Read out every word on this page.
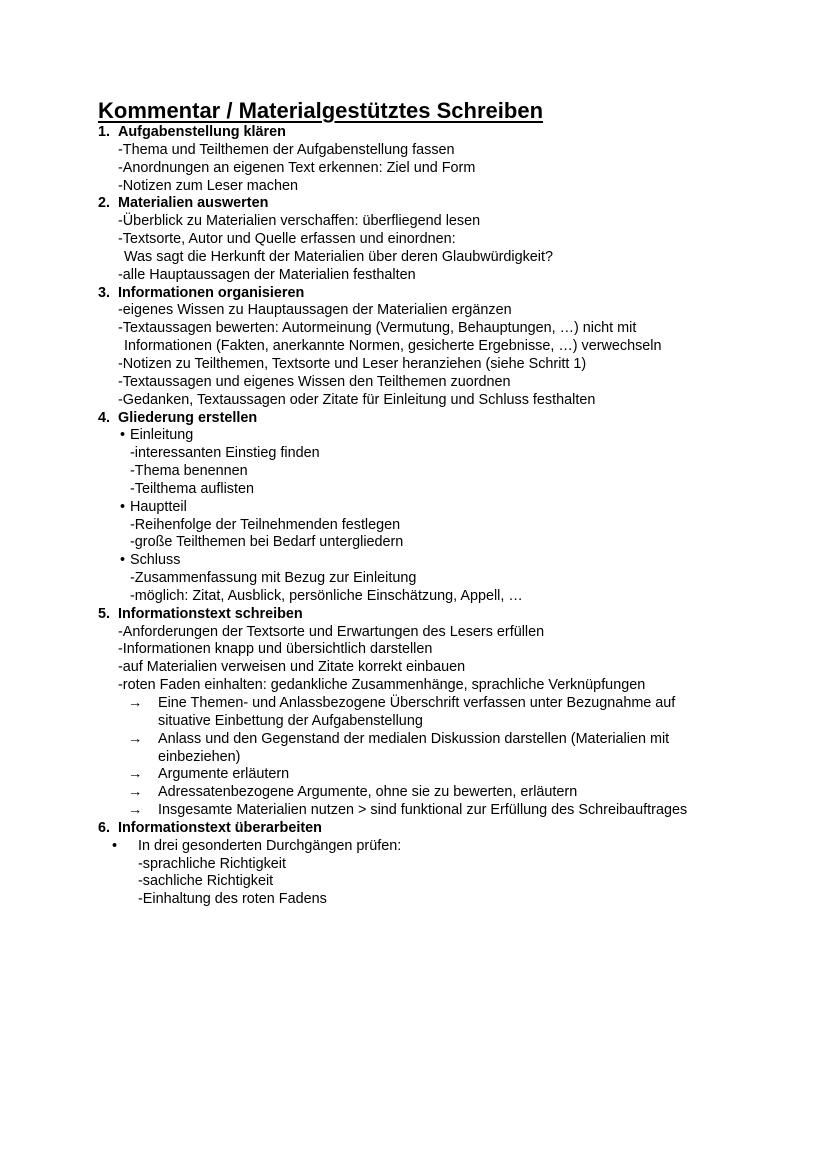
Kommentar / Materialgestütztes Schreiben
1. Aufgabenstellung klären
-Thema und Teilthemen der Aufgabenstellung fassen
-Anordnungen an eigenen Text erkennen: Ziel und Form
-Notizen zum Leser machen
2. Materialien auswerten
-Überblick zu Materialien verschaffen: überfliegend lesen
-Textsorte, Autor und Quelle erfassen und einordnen:
Was sagt die Herkunft der Materialien über deren Glaubwürdigkeit?
-alle Hauptaussagen der Materialien festhalten
3. Informationen organisieren
-eigenes Wissen zu Hauptaussagen der Materialien ergänzen
-Textaussagen bewerten: Autormeinung (Vermutung, Behauptungen, …) nicht mit
Informationen (Fakten, anerkannte Normen, gesicherte Ergebnisse, …) verwechseln
-Notizen zu Teilthemen, Textsorte und Leser heranziehen (siehe Schritt 1)
-Textaussagen und eigenes Wissen den Teilthemen zuordnen
-Gedanken, Textaussagen oder Zitate für Einleitung und Schluss festhalten
4. Gliederung erstellen
• Einleitung
-interessanten Einstieg finden
-Thema benennen
-Teilthema auflisten
• Hauptteil
-Reihenfolge der Teilnehmenden festlegen
-große Teilthemen bei Bedarf untergliedern
• Schluss
-Zusammenfassung mit Bezug zur Einleitung
-möglich: Zitat, Ausblick, persönliche Einschätzung, Appell, …
5. Informationstext schreiben
-Anforderungen der Textsorte und Erwartungen des Lesers erfüllen
-Informationen knapp und übersichtlich darstellen
-auf Materialien verweisen und Zitate korrekt einbauen
-roten Faden einhalten: gedankliche Zusammenhänge, sprachliche Verknüpfungen
→ Eine Themen- und Anlassbezogene Überschrift verfassen unter Bezugnahme auf
situative Einbettung der Aufgabenstellung
→ Anlass und den Gegenstand der medialen Diskussion darstellen (Materialien mit
einbeziehen)
→ Argumente erläutern
→ Adressatenbezogene Argumente, ohne sie zu bewerten, erläutern
→ Insgesamte Materialien nutzen > sind funktional zur Erfüllung des Schreibauftrages
6. Informationstext überarbeiten
• In drei gesonderten Durchgängen prüfen:
-sprachliche Richtigkeit
-sachliche Richtigkeit
-Einhaltung des roten Fadens
